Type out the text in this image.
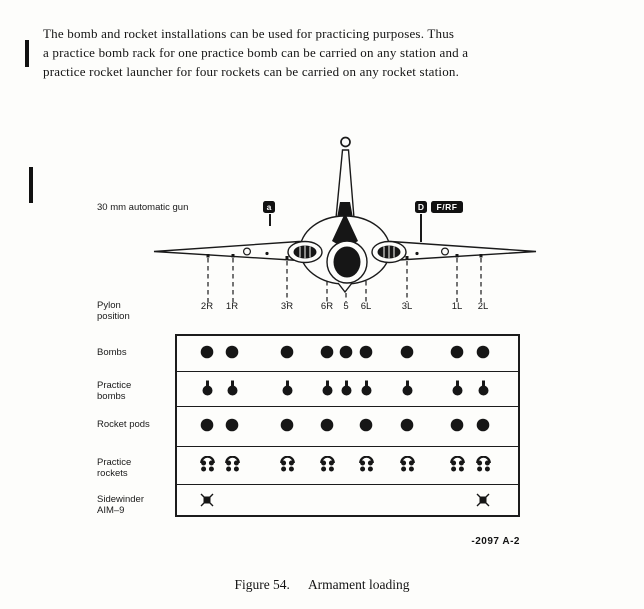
The bomb and rocket installations can be used for practicing purposes. Thus
a practice bomb rack for one practice bomb can be carried on any station and a
practice rocket launcher for four rockets can be carried on any rocket station.
30 mm automatic gun	a	D	F/RF
Pylon position
2R	1R	3R	6R	5	6L	3L	1L	2L
Bombs
Practice bombs
Rocket pods
Practice rockets
Sidewinder AIM–9
-2097 A-2
Figure 54. Armament loading
